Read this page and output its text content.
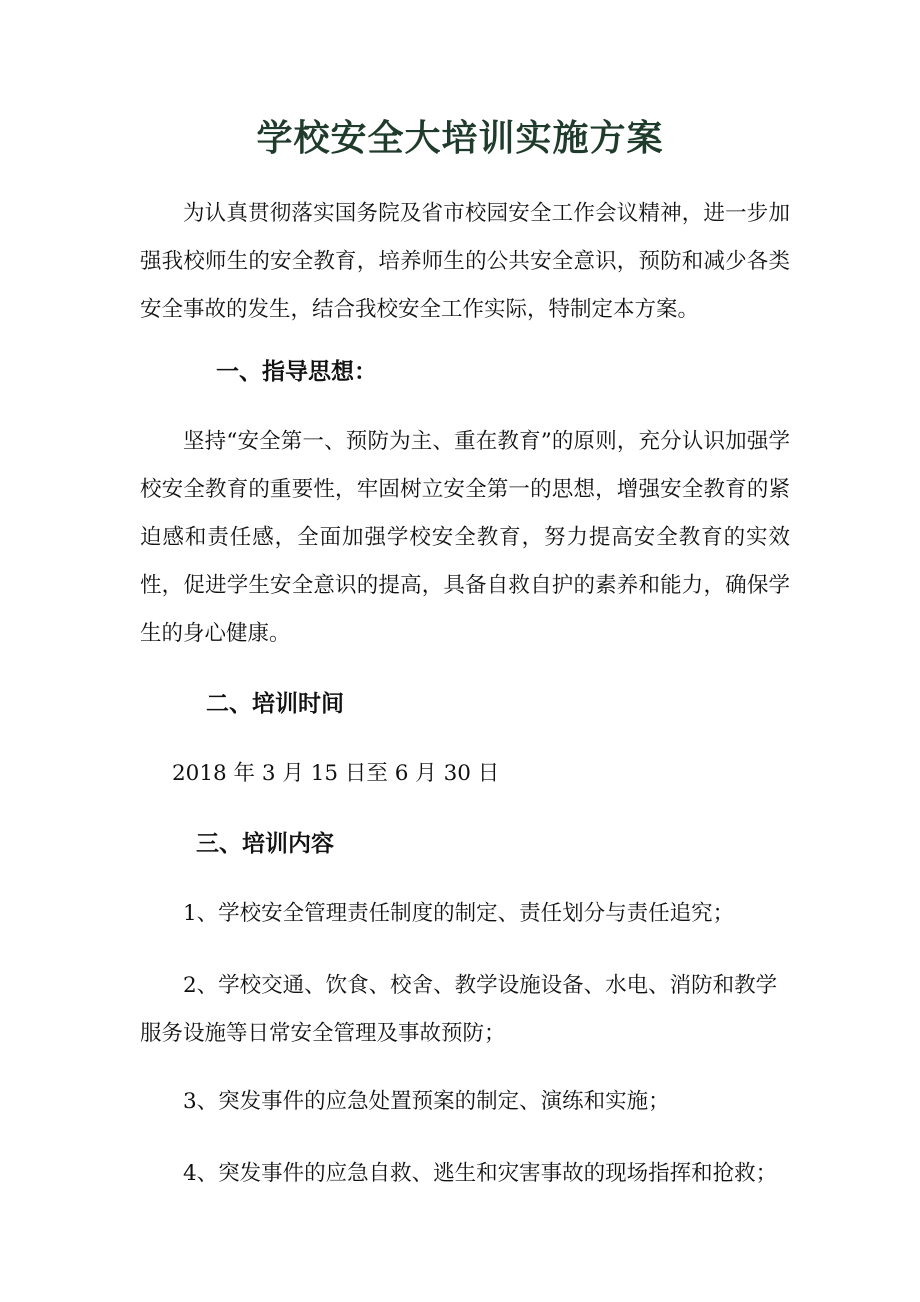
学校安全大培训实施方案

为认真贯彻落实国务院及省市校园安全工作会议精神，进一步加强我校师生的安全教育，培养师生的公共安全意识，预防和减少各类安全事故的发生，结合我校安全工作实际，特制定本方案。

一、指导思想：

坚持“安全第一、预防为主、重在教育”的原则，充分认识加强学校安全教育的重要性，牢固树立安全第一的思想，增强安全教育的紧迫感和责任感，全面加强学校安全教育，努力提高安全教育的实效性，促进学生安全意识的提高，具备自救自护的素养和能力，确保学生的身心健康。

二、培训时间

2018 年 3 月 15 日至 6 月 30 日

三、培训内容

1、学校安全管理责任制度的制定、责任划分与责任追究；

2、学校交通、饮食、校舍、教学设施设备、水电、消防和教学服务设施等日常安全管理及事故预防；

3、突发事件的应急处置预案的制定、演练和实施；

4、突发事件的应急自救、逃生和灾害事故的现场指挥和抢救；
